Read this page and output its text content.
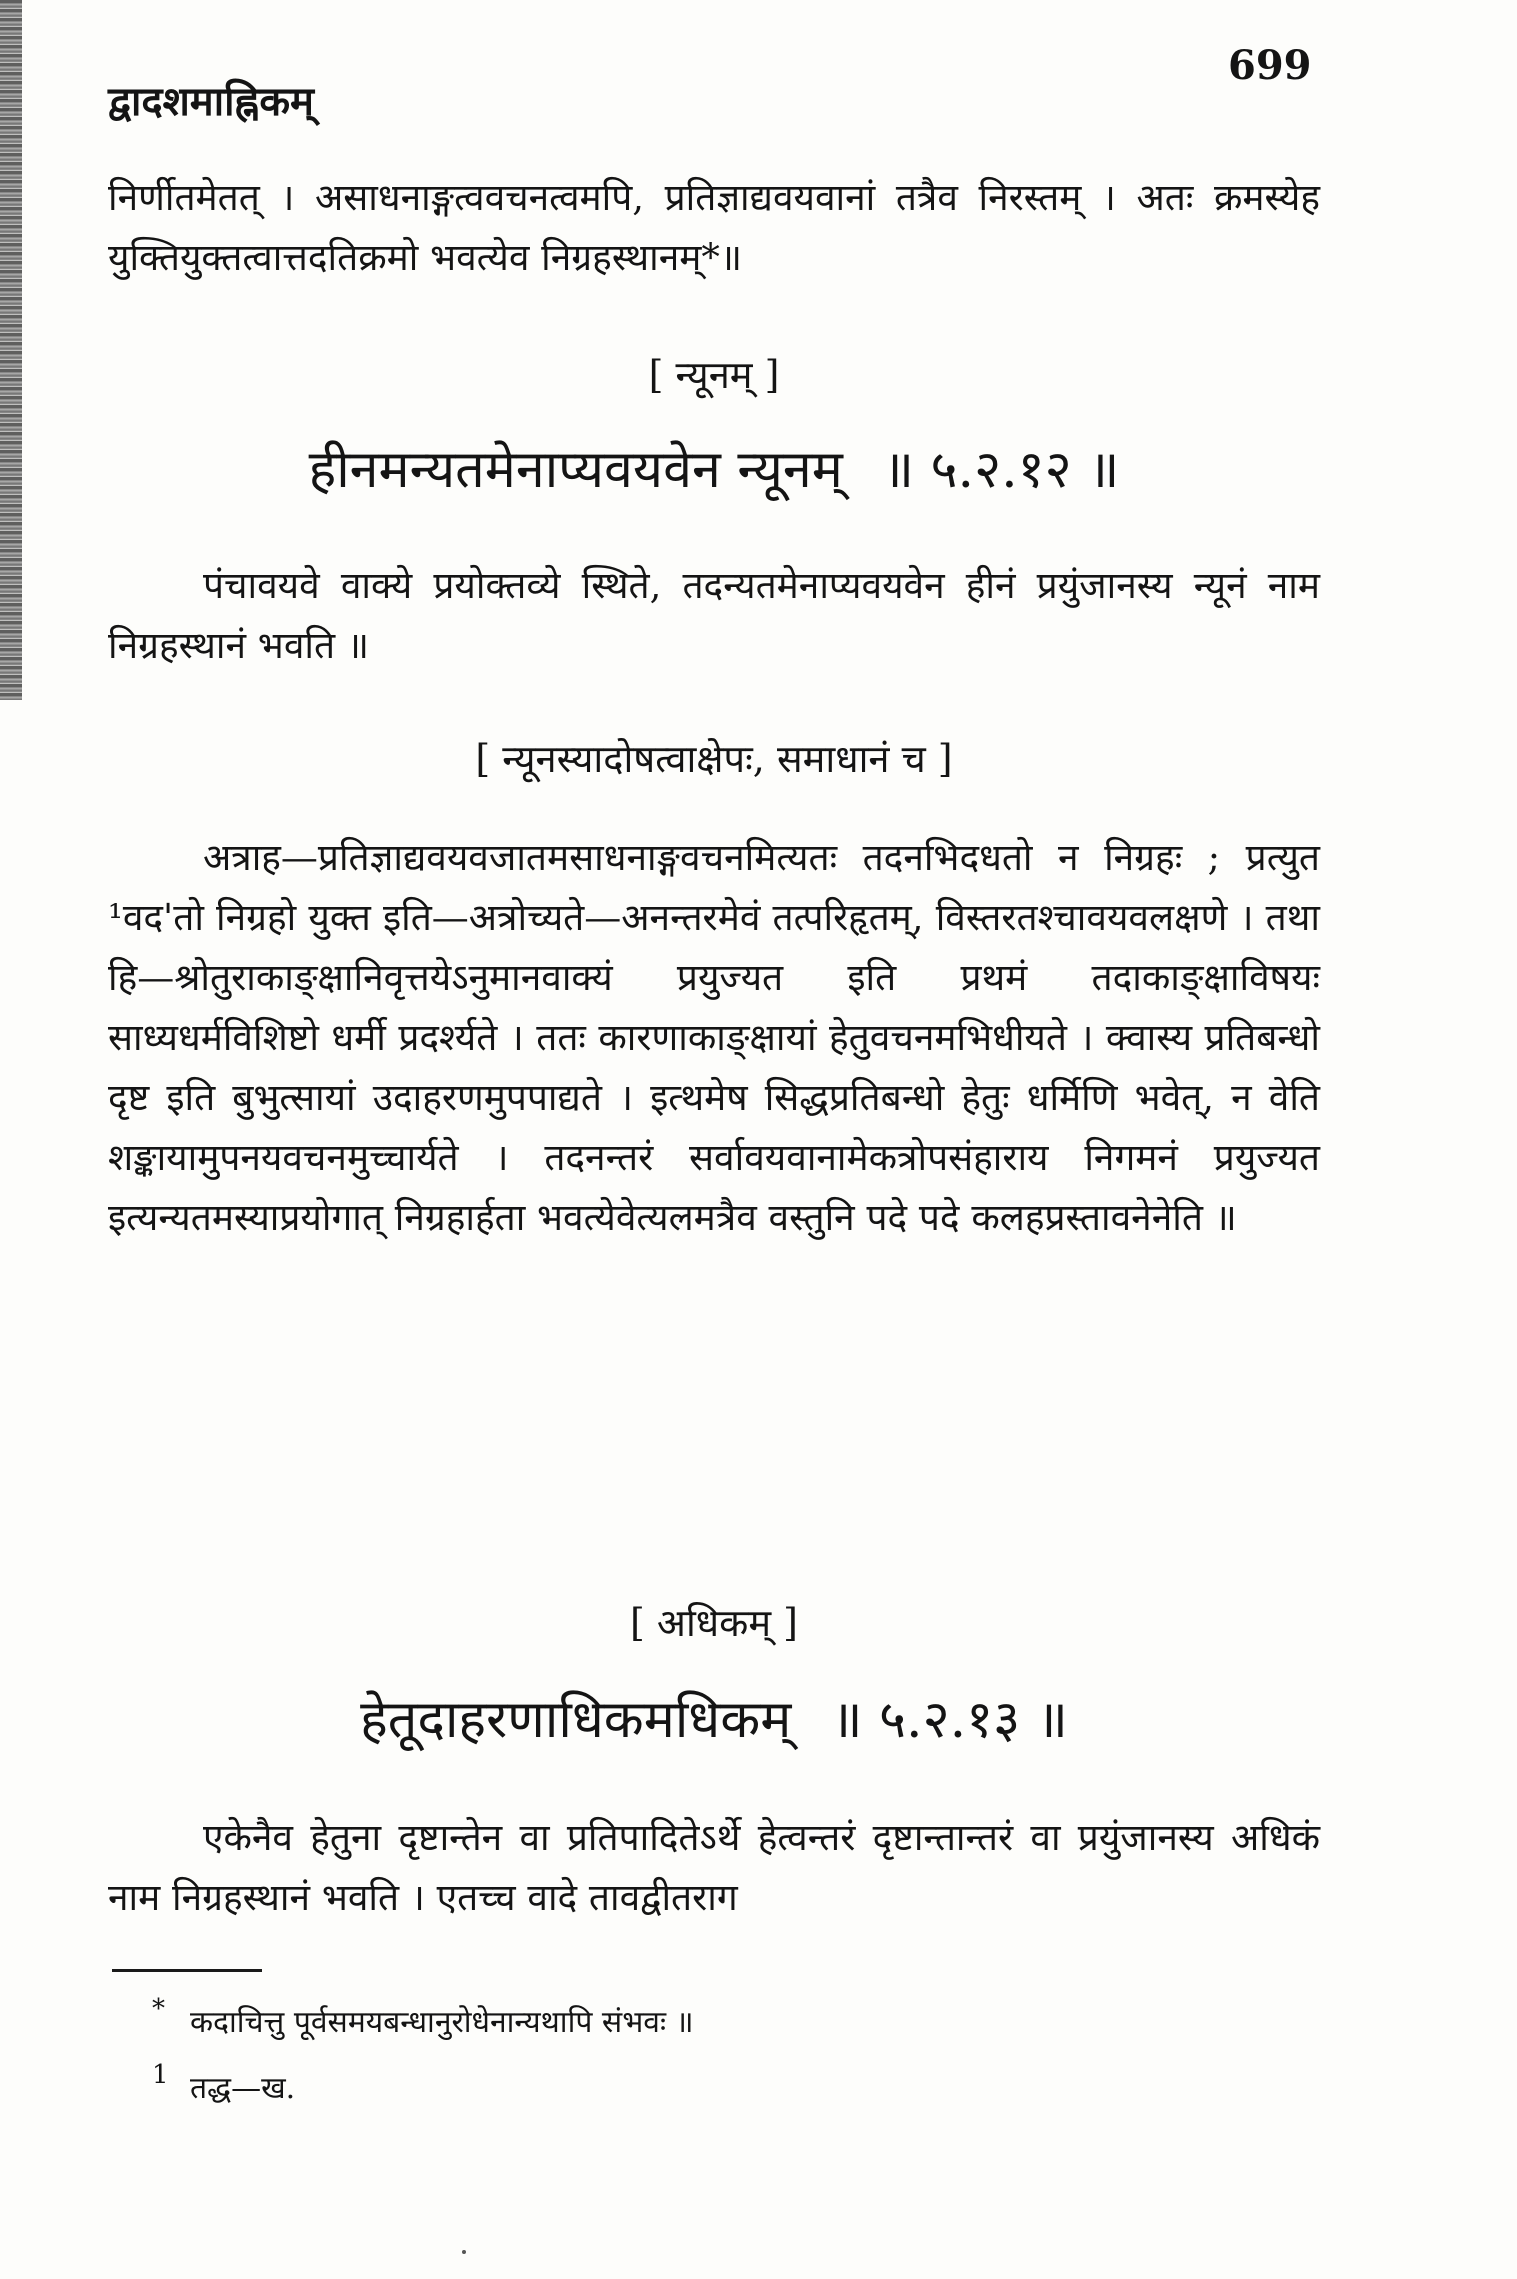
द्वादशमाह्निकम्
699

निर्णीतमेतत् । असाधनाङ्गत्ववचनत्वमपि, प्रतिज्ञाद्यवयवानां तत्रैव निरस्तम् । अतः क्रमस्येह युक्तियुक्तत्वात्तदतिक्रमो भवत्येव निग्रहस्थानम्*॥

[ न्यूनम् ]

हीनमन्यतमेनाप्यवयवेन न्यूनम् ॥ ५.२.१२ ॥

पंचावयवे वाक्ये प्रयोक्तव्ये स्थिते, तदन्यतमेनाप्यवयवेन हीनं प्रयुंजानस्य न्यूनं नाम निग्रहस्थानं भवति ॥

[ न्यूनस्यादोषत्वाक्षेपः, समाधानं च ]

अत्राह—प्रतिज्ञाद्यवयवजातमसाधनाङ्गवचनमित्यतः तदनभिदधतो न निग्रहः ; प्रत्युत ¹वद'तो निग्रहो युक्त इति—अत्रोच्यते—अनन्तरमेवं तत्परिहृतम्, विस्तरतश्चावयवलक्षणे । तथा हि—श्रोतुराकाङ्क्षानिवृत्तयेऽनुमानवाक्यं प्रयुज्यत इति प्रथमं तदाकाङ्क्षाविषयः साध्यधर्मविशिष्टो धर्मी प्रदर्श्यते । ततः कारणाकाङ्क्षायां हेतुवचनमभिधीयते । क्वास्य प्रतिबन्धो दृष्ट इति बुभुत्सायां उदाहरणमुपपाद्यते । इत्थमेष सिद्धप्रतिबन्धो हेतुः धर्मिणि भवेत्, न वेति शङ्कायामुपनयवचनमुच्चार्यते । तदनन्तरं सर्वावयवानामेकत्रोपसंहाराय निगमनं प्रयुज्यत इत्यन्यतमस्याप्रयोगात् निग्रहार्हता भवत्येवेत्यलमत्रैव वस्तुनि पदे पदे कलहप्रस्तावनेनेति ॥

[ अधिकम् ]

हेतूदाहरणाधिकमधिकम् ॥ ५.२.१३ ॥

एकेनैव हेतुना दृष्टान्तेन वा प्रतिपादितेऽर्थे हेत्वन्तरं दृष्टान्तान्तरं वा प्रयुंजानस्य अधिकं नाम निग्रहस्थानं भवति । एतच्च वादे तावद्वीतराग

* कदाचित्तु पूर्वसमयबन्धानुरोधेनान्यथापि संभवः ॥

1 तद्ध—ख.
